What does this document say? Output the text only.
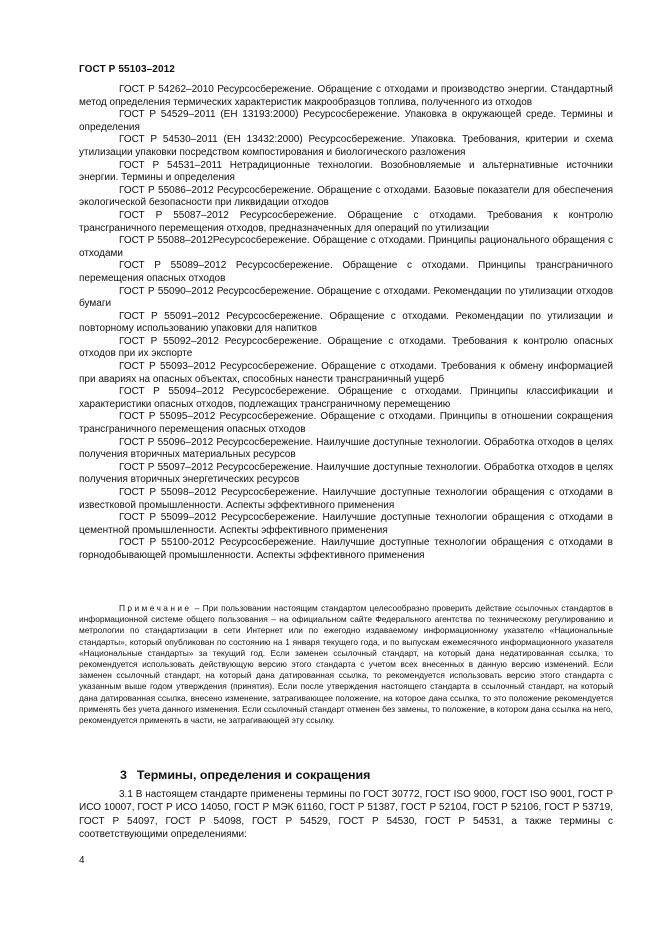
ГОСТ Р 55103–2012

ГОСТ Р 54262–2010 Ресурсосбережение. Обращение с отходами и производство энергии. Стандартный метод определения термических характеристик макрообразцов топлива, полученного из отходов

ГОСТ Р 54529–2011 (ЕН 13193:2000) Ресурсосбережение. Упаковка в окружающей среде. Термины и определения

ГОСТ Р 54530–2011 (ЕН 13432:2000) Ресурсосбережение. Упаковка. Требования, критерии и схема утилизации упаковки посредством компостирования и биологического разложения

ГОСТ Р 54531–2011 Нетрадиционные технологии. Возобновляемые и альтернативные источники энергии. Термины и определения

ГОСТ Р 55086–2012 Ресурсосбережение. Обращение с отходами. Базовые показатели для обеспечения экологической безопасности при ликвидации отходов

ГОСТ Р 55087–2012 Ресурсосбережение. Обращение с отходами. Требования к контролю трансграничного перемещения отходов, предназначенных для операций по утилизации

ГОСТ Р 55088–2012Ресурсосбережение. Обращение с отходами. Принципы рационального обращения с отходами

ГОСТ Р 55089–2012 Ресурсосбережение. Обращение с отходами. Принципы трансграничного перемещения опасных отходов

ГОСТ Р 55090–2012 Ресурсосбережение. Обращение с отходами. Рекомендации по утилизации отходов бумаги

ГОСТ Р 55091–2012 Ресурсосбережение. Обращение с отходами. Рекомендации по утилизации и повторному использованию упаковки для напитков

ГОСТ Р 55092–2012 Ресурсосбережение. Обращение с отходами. Требования к контролю опасных отходов при их экспорте

ГОСТ Р 55093–2012 Ресурсосбережение. Обращение с отходами. Требования к обмену информацией при авариях на опасных объектах, способных нанести трансграничный ущерб

ГОСТ Р 55094–2012 Ресурсосбережение. Обращение с отходами. Принципы классификации и характеристики опасных отходов, подлежащих трансграничному перемещению

ГОСТ Р 55095–2012 Ресурсосбережение. Обращение с отходами. Принципы в отношении сокращения трансграничного перемещения опасных отходов

ГОСТ Р 55096–2012 Ресурсосбережение. Наилучшие доступные технологии. Обработка отходов в целях получения вторичных материальных ресурсов

ГОСТ Р 55097–2012 Ресурсосбережение. Наилучшие доступные технологии. Обработка отходов в целях получения вторичных энергетических ресурсов

ГОСТ Р 55098–2012 Ресурсосбережение. Наилучшие доступные технологии обращения с отходами в известковой промышленности. Аспекты эффективного применения

ГОСТ Р 55099–2012 Ресурсосбережение. Наилучшие доступные технологии обращения с отходами в цементной промышленности. Аспекты эффективного применения

ГОСТ Р 55100-2012 Ресурсосбережение. Наилучшие доступные технологии обращения с отходами в горнодобывающей промышленности. Аспекты эффективного применения

Примечание – При пользовании настоящим стандартом целесообразно проверить действие ссылочных стандартов в информационной системе общего пользования – на официальном сайте Федерального агентства по техническому регулированию и метрологии по стандартизации в сети Интернет или по ежегодно издаваемому информационному указателю «Национальные стандарты», который опубликован по состоянию на 1 января текущего года, и по выпускам ежемесячного информационного указателя «Национальные стандарты» за текущий год. Если заменен ссылочный стандарт, на который дана недатированная ссылка, то рекомендуется использовать действующую версию этого стандарта с учетом всех внесенных в данную версию изменений. Если заменен ссылочный стандарт, на который дана датированная ссылка, то рекомендуется использовать версию этого стандарта с указанным выше годом утверждения (принятия). Если после утверждения настоящего стандарта в ссылочный стандарт, на который дана датированная ссылка, внесено изменение, затрагивающее положение, на которое дана ссылка, то это положение рекомендуется применять без учета данного изменения. Если ссылочный стандарт отменен без замены, то положение, в котором дана ссылка на него, рекомендуется применять в части, не затрагивающей эту ссылку.

3 Термины, определения и сокращения

3.1 В настоящем стандарте применены термины по ГОСТ 30772, ГОСТ ISO 9000, ГОСТ ISO 9001, ГОСТ Р ИСО 10007, ГОСТ Р ИСО 14050, ГОСТ Р МЭК 61160, ГОСТ Р 51387, ГОСТ Р 52104, ГОСТ Р 52106, ГОСТ Р 53719, ГОСТ Р 54097, ГОСТ Р 54098, ГОСТ Р 54529, ГОСТ Р 54530, ГОСТ Р 54531, а также термины с соответствующими определениями:

4
